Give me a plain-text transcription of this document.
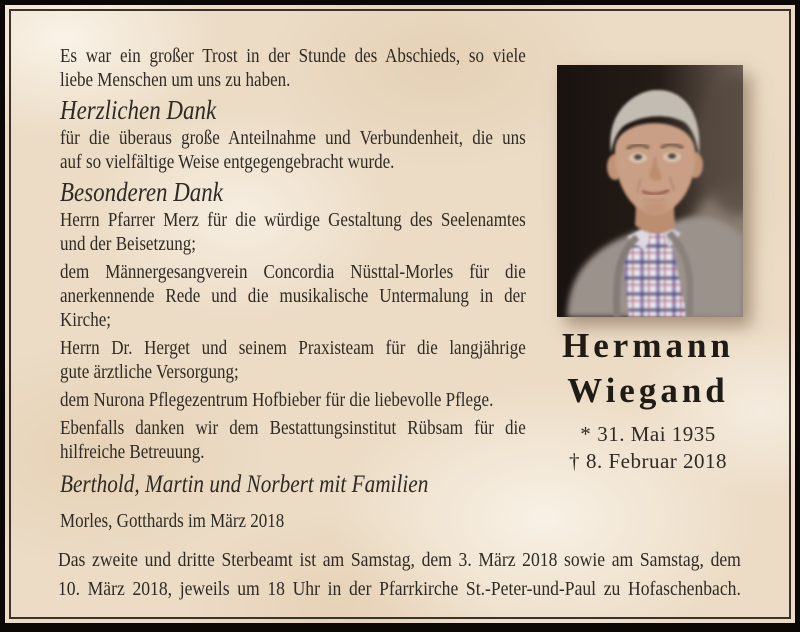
Es war ein großer Trost in der Stunde des Abschieds, so viele
liebe Menschen um uns zu haben.

Herzlichen Dank

für die überaus große Anteilnahme und Verbundenheit, die uns
auf so vielfältige Weise entgegengebracht wurde.

Besonderen Dank

Herrn Pfarrer Merz für die würdige Gestaltung des Seelenamtes
und der Beisetzung;

dem Männergesangverein Concordia Nüsttal-Morles für die
anerkennende Rede und die musikalische Untermalung in der
Kirche;

Herrn Dr. Herget und seinem Praxisteam für die langjährige
gute ärztliche Versorgung;

dem Nurona Pflegezentrum Hofbieber für die liebevolle Pflege.

Ebenfalls danken wir dem Bestattungsinstitut Rübsam für die
hilfreiche Betreuung.

Berthold, Martin und Norbert mit Familien
Morles, Gotthards im März 2018
Hermann
Wiegand
* 31. Mai 1935
† 8. Februar 2018
Das zweite und dritte Sterbeamt ist am Samstag, dem 3. März 2018 sowie am Samstag, dem
10. März 2018, jeweils um 18 Uhr in der Pfarrkirche St.-Peter-und-Paul zu Hofaschenbach.
